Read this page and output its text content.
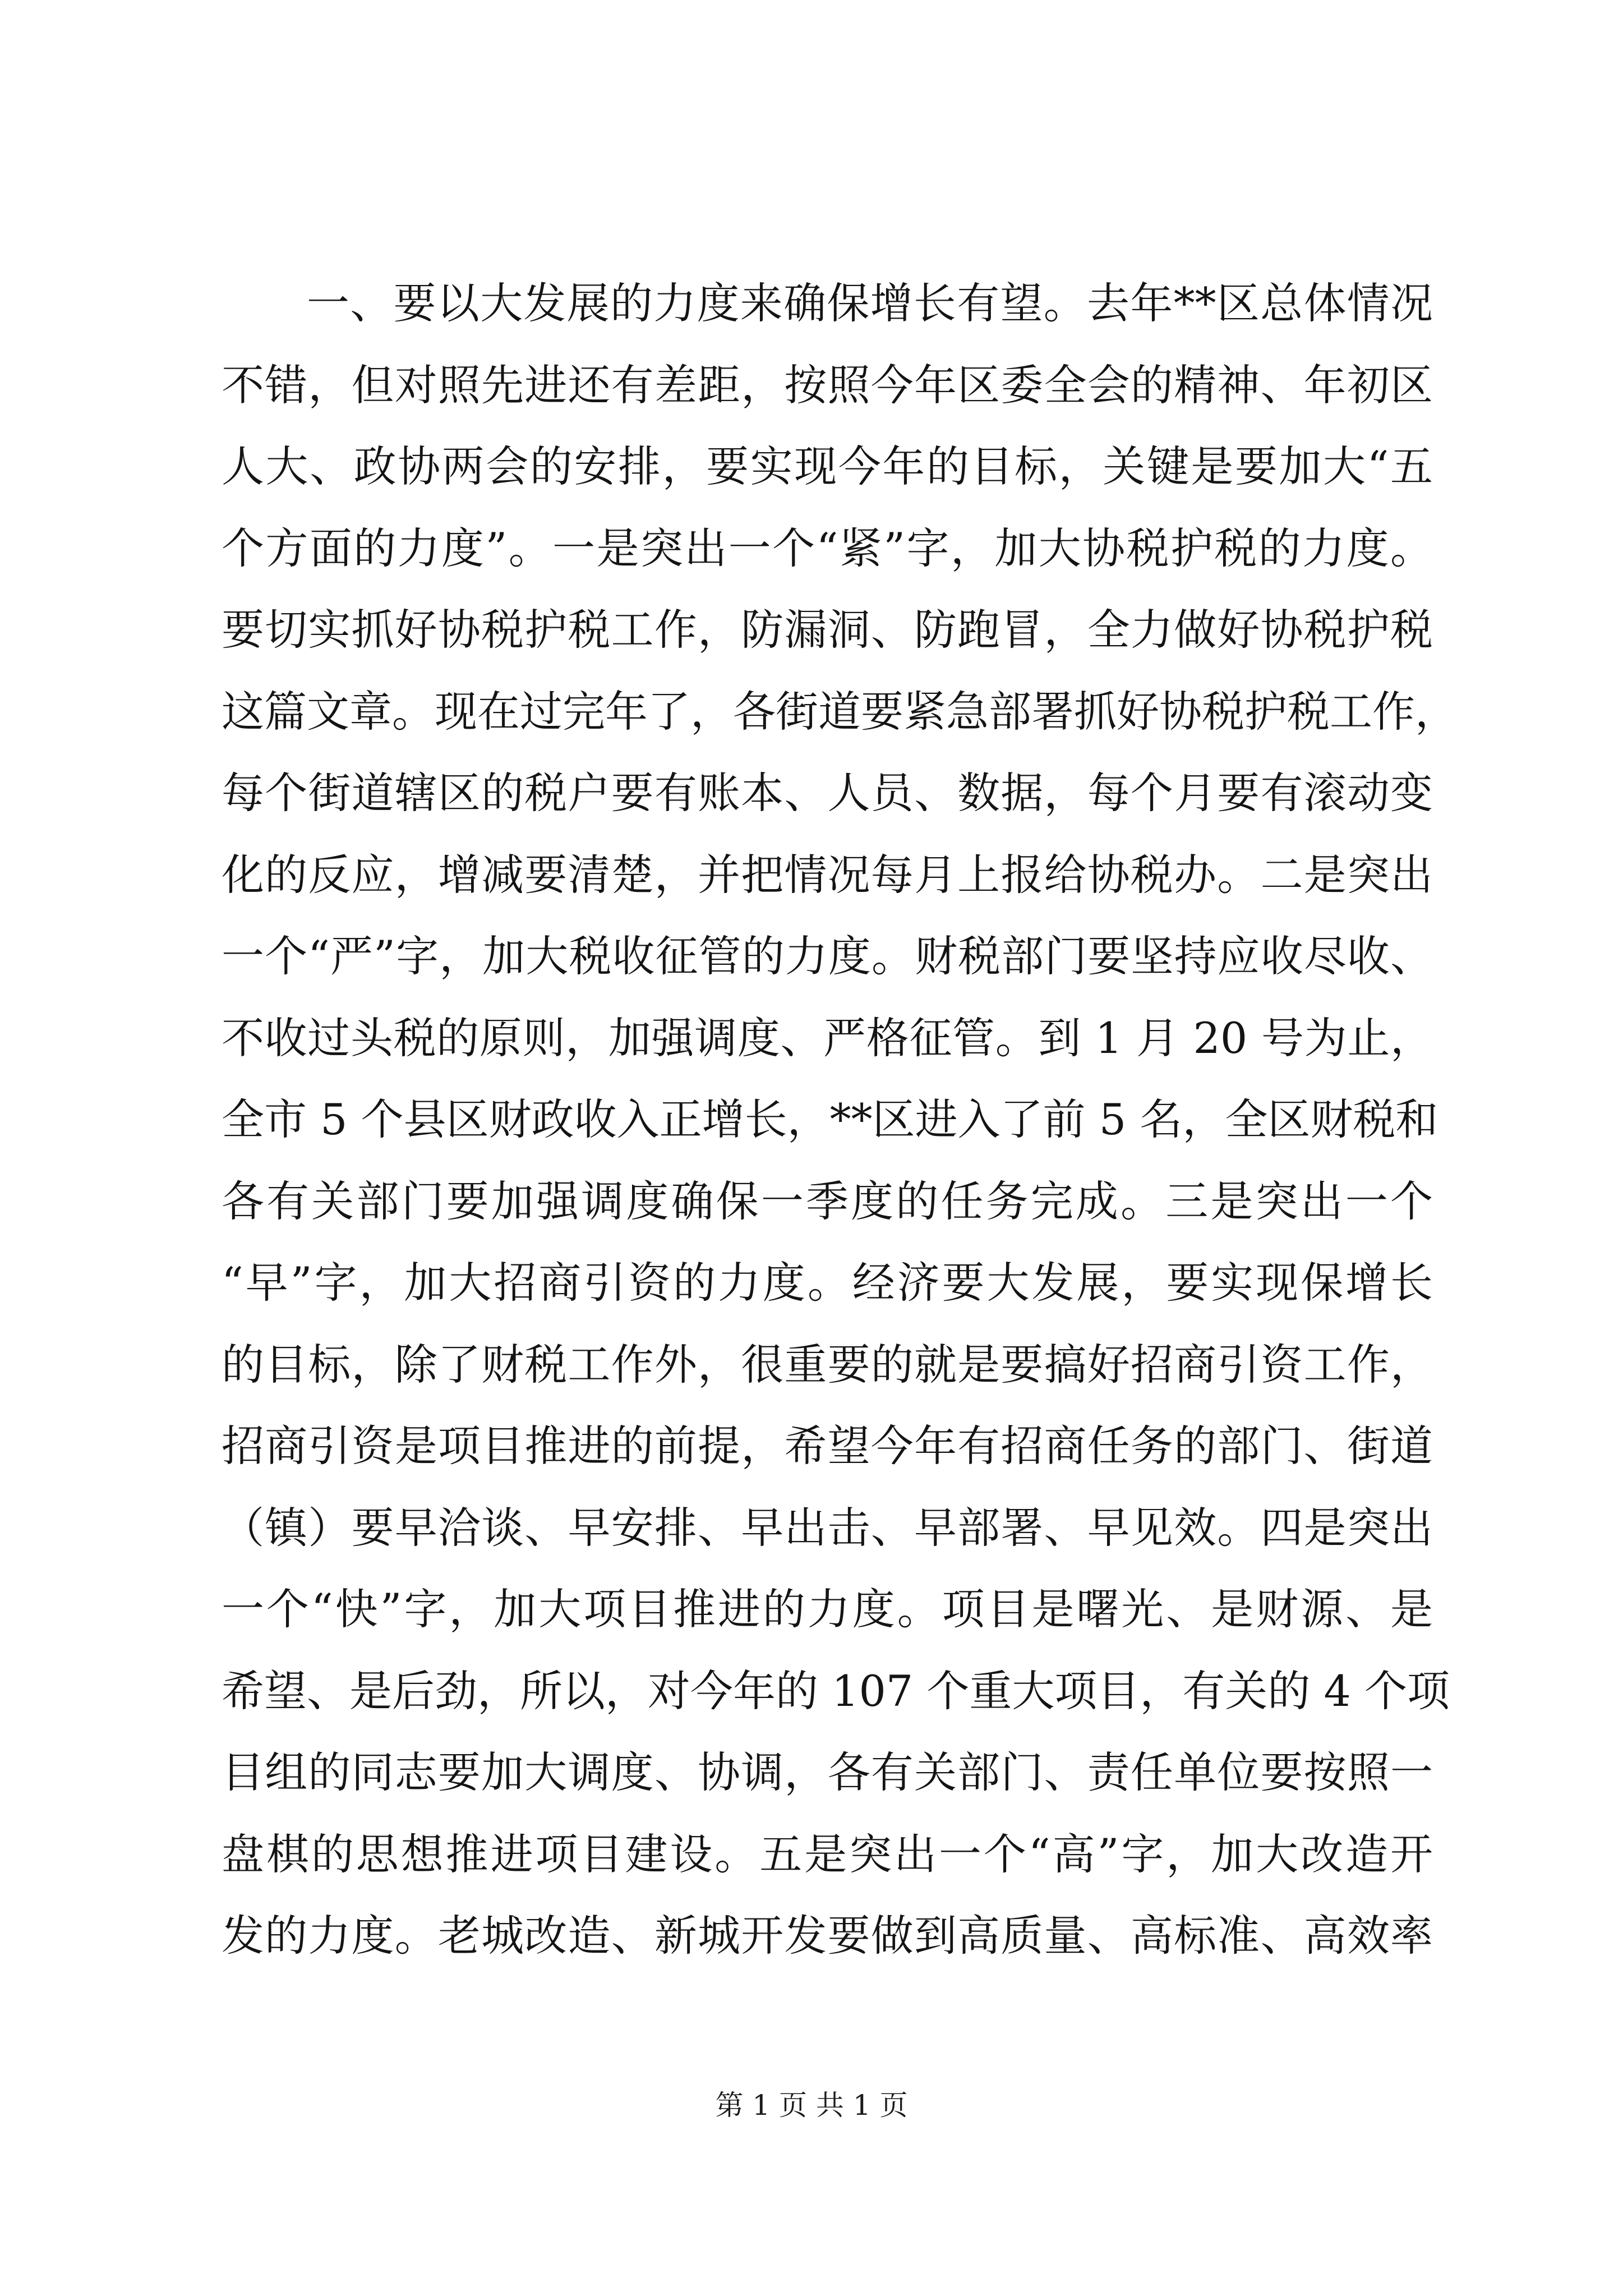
一、要以大发展的力度来确保增长有望。去年**区总体情况
不错，但对照先进还有差距，按照今年区委全会的精神、年初区
人大、政协两会的安排，要实现今年的目标，关键是要加大“五
个方面的力度”。一是突出一个“紧”字，加大协税护税的力度。
要切实抓好协税护税工作，防漏洞、防跑冒，全力做好协税护税
这篇文章。现在过完年了，各街道要紧急部署抓好协税护税工作，
每个街道辖区的税户要有账本、人员、数据，每个月要有滚动变
化的反应，增减要清楚，并把情况每月上报给协税办。二是突出
一个“严”字，加大税收征管的力度。财税部门要坚持应收尽收、
不收过头税的原则，加强调度、严格征管。到 1 月 20 号为止，
全市 5 个县区财政收入正增长，**区进入了前 5 名，全区财税和
各有关部门要加强调度确保一季度的任务完成。三是突出一个
“早”字，加大招商引资的力度。经济要大发展，要实现保增长
的目标，除了财税工作外，很重要的就是要搞好招商引资工作，
招商引资是项目推进的前提，希望今年有招商任务的部门、街道
（镇）要早洽谈、早安排、早出击、早部署、早见效。四是突出
一个“快”字，加大项目推进的力度。项目是曙光、是财源、是
希望、是后劲，所以，对今年的 107 个重大项目，有关的 4 个项
目组的同志要加大调度、协调，各有关部门、责任单位要按照一
盘棋的思想推进项目建设。五是突出一个“高”字，加大改造开
发的力度。老城改造、新城开发要做到高质量、高标准、高效率
第 1 页 共 1 页
